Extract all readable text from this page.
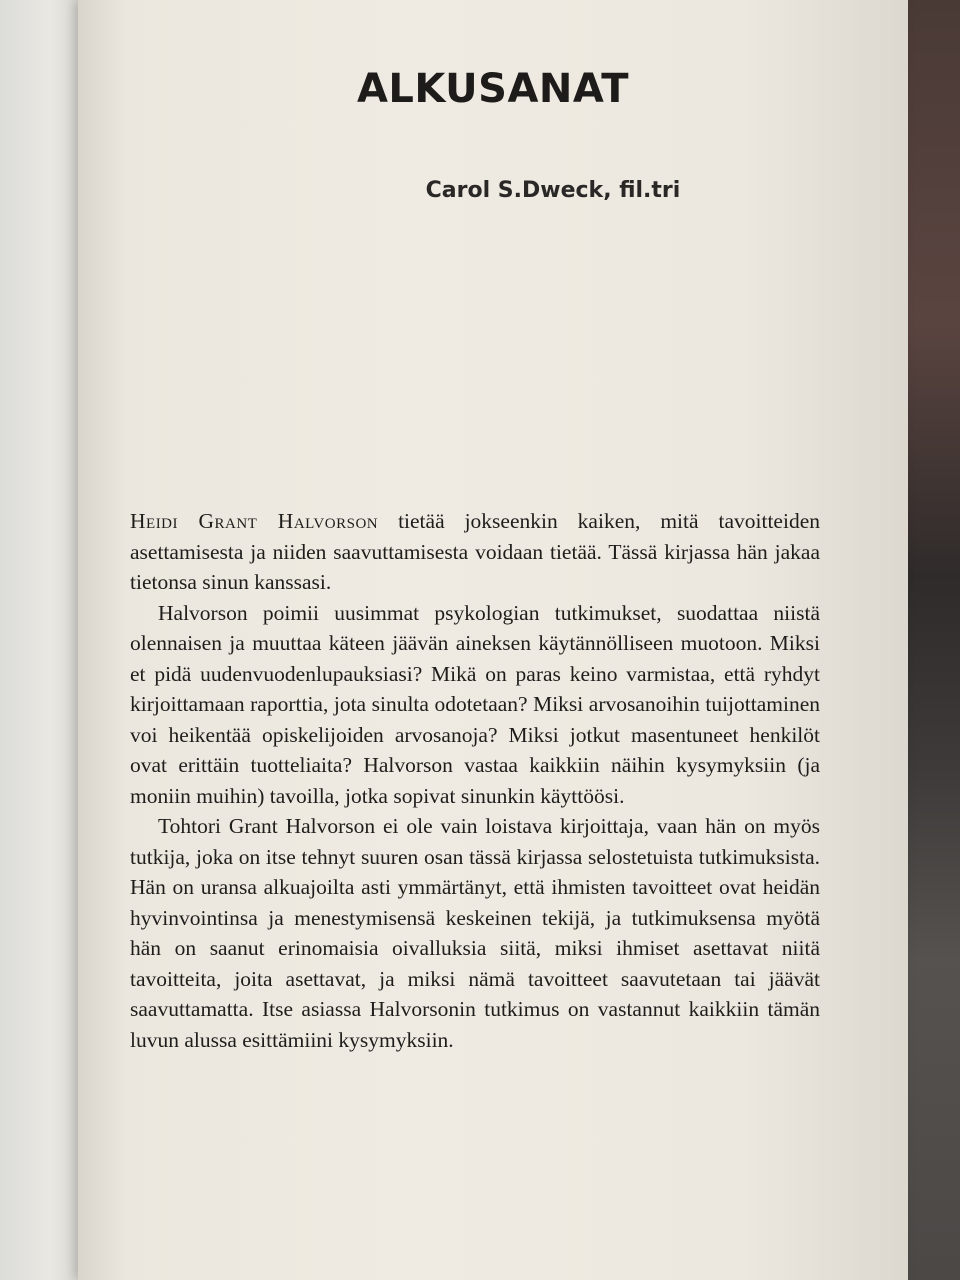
ALKUSANAT
Carol S.Dweck, fil.tri

Heidi Grant Halvorson tietää jokseenkin kaiken, mitä tavoitteiden asettamisesta ja niiden saavuttamisesta voidaan tietää. Tässä kirjassa hän jakaa tietonsa sinun kanssasi.

Halvorson poimii uusimmat psykologian tutkimukset, suodattaa niistä olennaisen ja muuttaa käteen jäävän aineksen käytännölliseen muotoon. Miksi et pidä uudenvuodenlupauksiasi? Mikä on paras keino varmistaa, että ryhdyt kirjoittamaan raporttia, jota sinulta odotetaan? Miksi arvosanoihin tuijottaminen voi heikentää opiskelijoiden arvosanoja? Miksi jotkut masentuneet henkilöt ovat erittäin tuotteliaita? Halvorson vastaa kaikkiin näihin kysymyksiin (ja moniin muihin) tavoilla, jotka sopivat sinunkin käyttöösi.

Tohtori Grant Halvorson ei ole vain loistava kirjoittaja, vaan hän on myös tutkija, joka on itse tehnyt suuren osan tässä kirjassa selostetuista tutkimuksista. Hän on uransa alkuajoilta asti ymmärtänyt, että ihmisten tavoitteet ovat heidän hyvinvointinsa ja menestymisensä keskeinen tekijä, ja tutkimuksensa myötä hän on saanut erinomaisia oivalluksia siitä, miksi ihmiset asettavat niitä tavoitteita, joita asettavat, ja miksi nämä tavoitteet saavutetaan tai jäävät saavuttamatta. Itse asiassa Halvorsonin tutkimus on vastannut kaikkiin tämän luvun alussa esittämiini kysymyksiin.
